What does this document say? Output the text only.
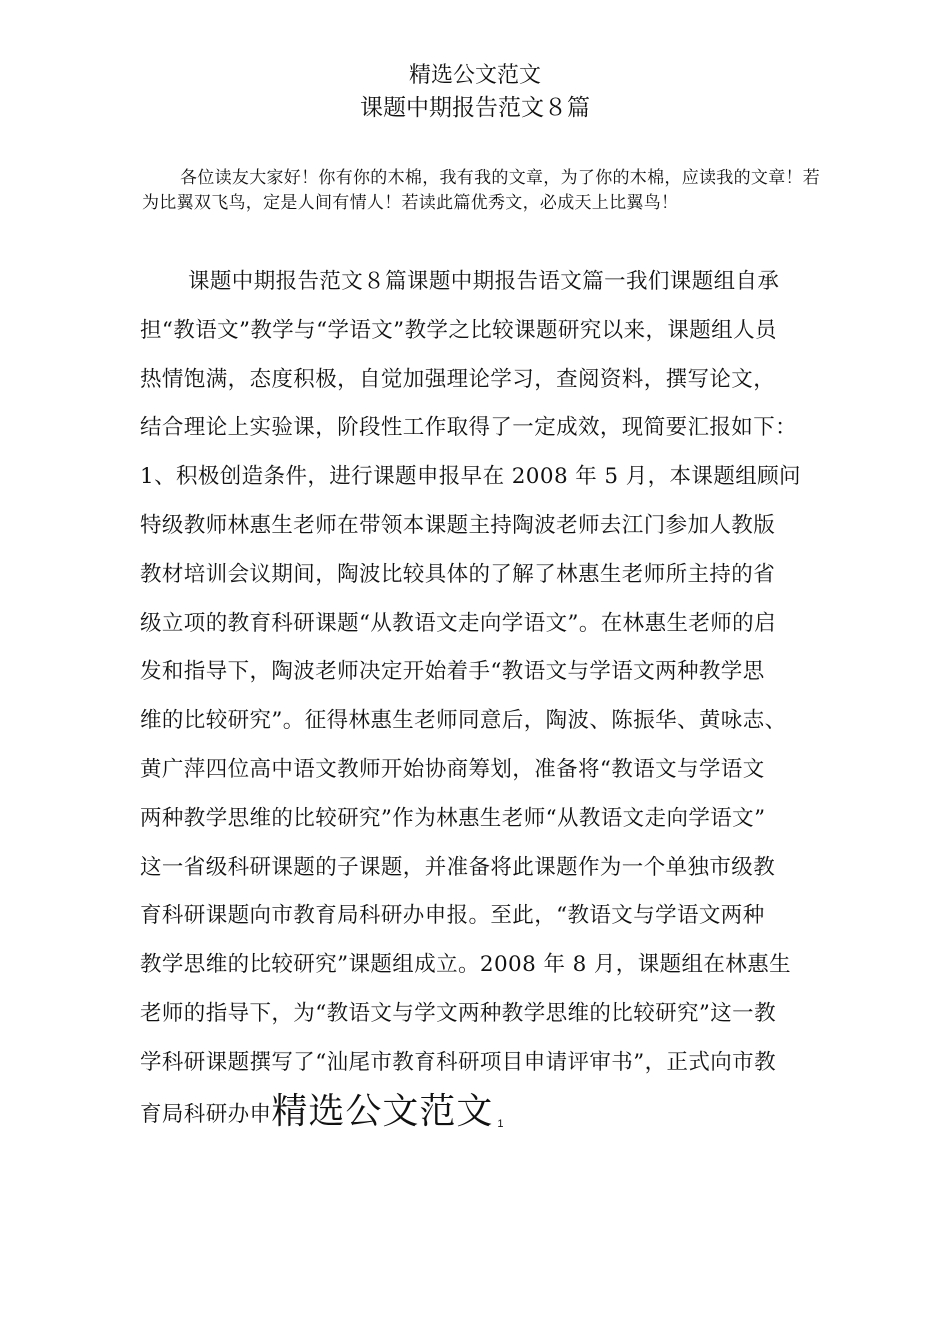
精选公文范文
课题中期报告范文８篇
各位读友大家好！你有你的木棉，我有我的文章，为了你的木棉，应读我的文章！若为比翼双飞鸟，定是人间有情人！若读此篇优秀文，必成天上比翼鸟！
课题中期报告范文８篇课题中期报告语文篇一我们课题组自承
担“教语文”教学与“学语文”教学之比较课题研究以来，课题组人员
热情饱满，态度积极，自觉加强理论学习，查阅资料，撰写论文，
结合理论上实验课，阶段性工作取得了一定成效，现简要汇报如下：
1、积极创造条件，进行课题申报早在 2008 年 5 月，本课题组顾问
特级教师林惠生老师在带领本课题主持陶波老师去江门参加人教版
教材培训会议期间，陶波比较具体的了解了林惠生老师所主持的省
级立项的教育科研课题“从教语文走向学语文”。在林惠生老师的启
发和指导下，陶波老师决定开始着手“教语文与学语文两种教学思
维的比较研究”。征得林惠生老师同意后，陶波、陈振华、黄咏志、
黄广萍四位高中语文教师开始协商筹划，准备将“教语文与学语文
两种教学思维的比较研究”作为林惠生老师“从教语文走向学语文”
这一省级科研课题的子课题，并准备将此课题作为一个单独市级教
育科研课题向市教育局科研办申报。至此，“教语文与学语文两种
教学思维的比较研究”课题组成立。2008 年 8 月，课题组在林惠生
老师的指导下，为“教语文与学文两种教学思维的比较研究”这一教
学科研课题撰写了“汕尾市教育科研项目申请评审书”，正式向市教
育局科研办申精选公文范文 $_1$
